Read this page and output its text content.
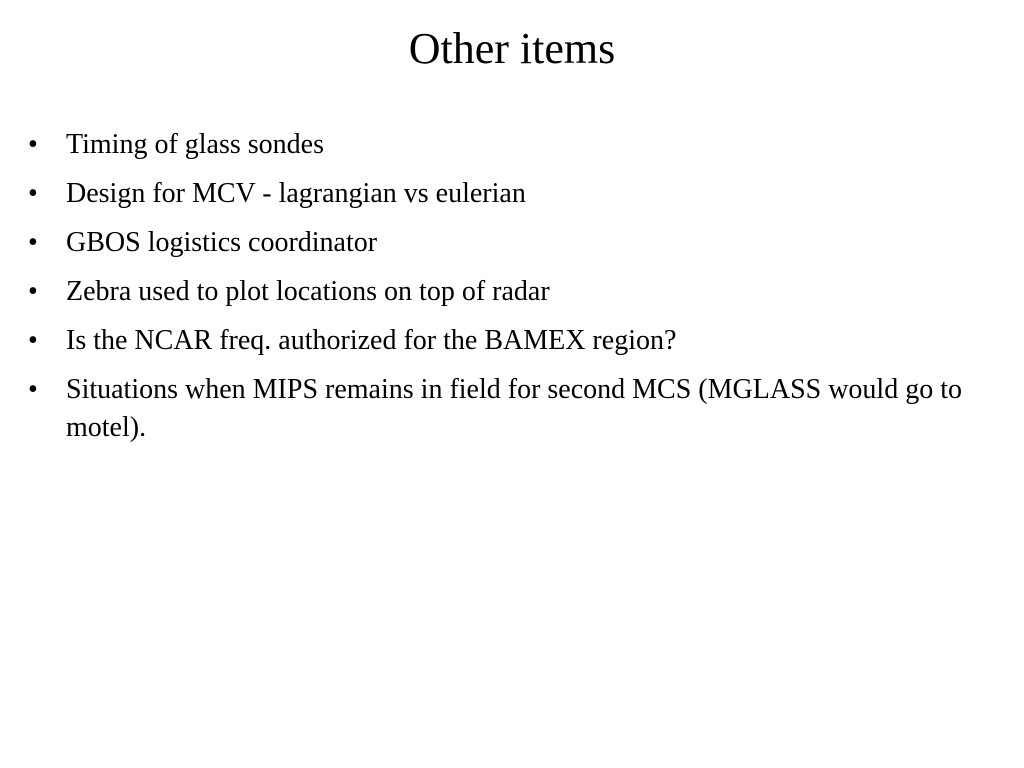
Other items
•	Timing of glass sondes
•	Design for MCV - lagrangian vs eulerian
•	GBOS logistics coordinator
•	Zebra used to plot locations on top of radar
•	Is the NCAR freq. authorized for the BAMEX region?
•	Situations when MIPS remains in field for second MCS (MGLASS would go to motel).
